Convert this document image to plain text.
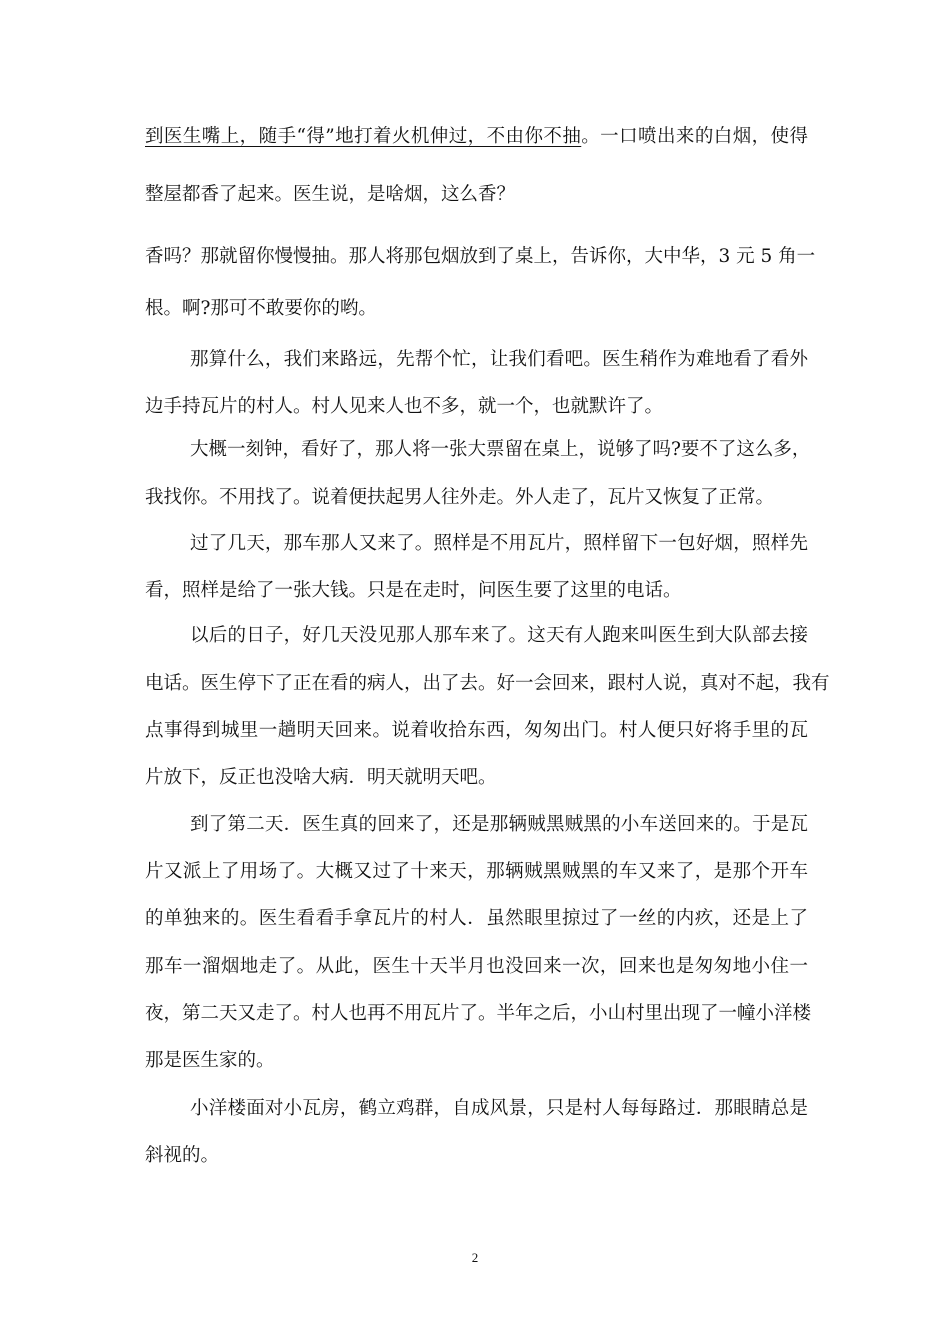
到医生嘴上，随手“得”地打着火机伸过，不由你不抽。一口喷出来的白烟，使得
整屋都香了起来。医生说，是啥烟，这么香？
香吗？那就留你慢慢抽。那人将那包烟放到了桌上，告诉你，大中华，3 元 5 角一
根。啊?那可不敢要你的哟。
那算什么，我们来路远，先帮个忙，让我们看吧。医生稍作为难地看了看外
边手持瓦片的村人。村人见来人也不多，就一个，也就默许了。
大概一刻钟，看好了，那人将一张大票留在桌上，说够了吗?要不了这么多，
我找你。不用找了。说着便扶起男人往外走。外人走了，瓦片又恢复了正常。
过了几天，那车那人又来了。照样是不用瓦片，照样留下一包好烟，照样先
看，照样是给了一张大钱。只是在走时，问医生要了这里的电话。
以后的日子，好几天没见那人那车来了。这天有人跑来叫医生到大队部去接
电话。医生停下了正在看的病人，出了去。好一会回来，跟村人说，真对不起，我有
点事得到城里一趟明天回来。说着收拾东西，匆匆出门。村人便只好将手里的瓦
片放下，反正也没啥大病．明天就明天吧。
到了第二天．医生真的回来了，还是那辆贼黑贼黑的小车送回来的。于是瓦
片又派上了用场了。大概又过了十来天，那辆贼黑贼黑的车又来了，是那个开车
的单独来的。医生看看手拿瓦片的村人．虽然眼里掠过了一丝的内疚，还是上了
那车一溜烟地走了。从此，医生十天半月也没回来一次，回来也是匆匆地小住一
夜，第二天又走了。村人也再不用瓦片了。半年之后，小山村里出现了一幢小洋楼
那是医生家的。
小洋楼面对小瓦房，鹤立鸡群，自成风景，只是村人每每路过．那眼睛总是
斜视的。
2
